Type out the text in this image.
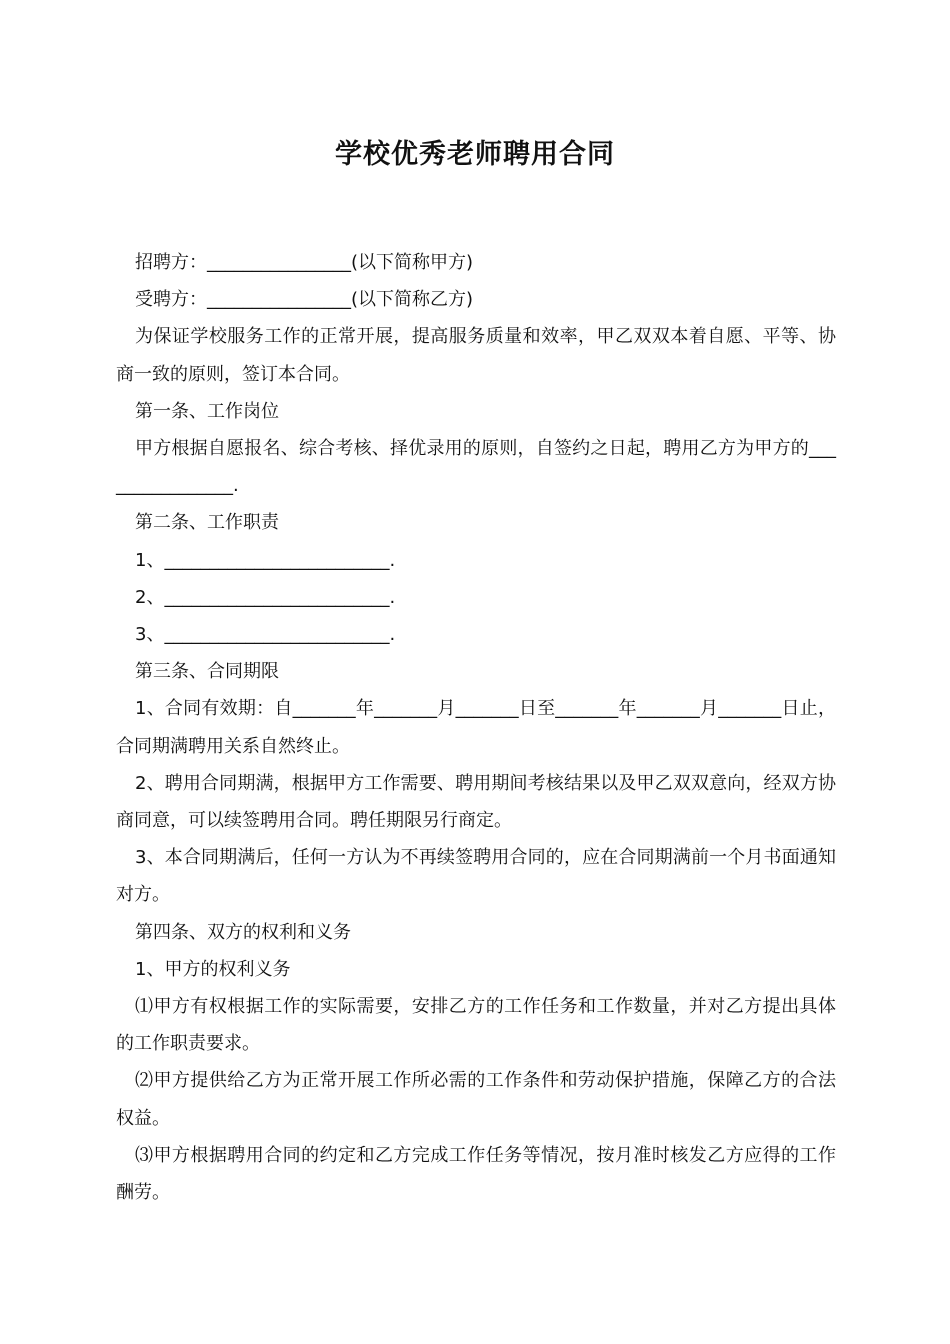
学校优秀老师聘用合同

招聘方：________________(以下简称甲方)

受聘方：________________(以下简称乙方)

为保证学校服务工作的正常开展，提高服务质量和效率，甲乙双双本着自愿、平等、协商一致的原则，签订本合同。

第一条、工作岗位

甲方根据自愿报名、综合考核、择优录用的原则，自签约之日起，聘用乙方为甲方的________________.

第二条、工作职责

1、_________________________.

2、_________________________.

3、_________________________.

第三条、合同期限

1、合同有效期：自_______年_______月_______日至_______年_______月_______日止，合同期满聘用关系自然终止。

2、聘用合同期满，根据甲方工作需要、聘用期间考核结果以及甲乙双双意向，经双方协商同意，可以续签聘用合同。聘任期限另行商定。

3、本合同期满后，任何一方认为不再续签聘用合同的，应在合同期满前一个月书面通知对方。

第四条、双方的权利和义务

1、甲方的权利义务

⑴甲方有权根据工作的实际需要，安排乙方的工作任务和工作数量，并对乙方提出具体的工作职责要求。

⑵甲方提供给乙方为正常开展工作所必需的工作条件和劳动保护措施，保障乙方的合法权益。

⑶甲方根据聘用合同的约定和乙方完成工作任务等情况，按月准时核发乙方应得的工作酬劳。
